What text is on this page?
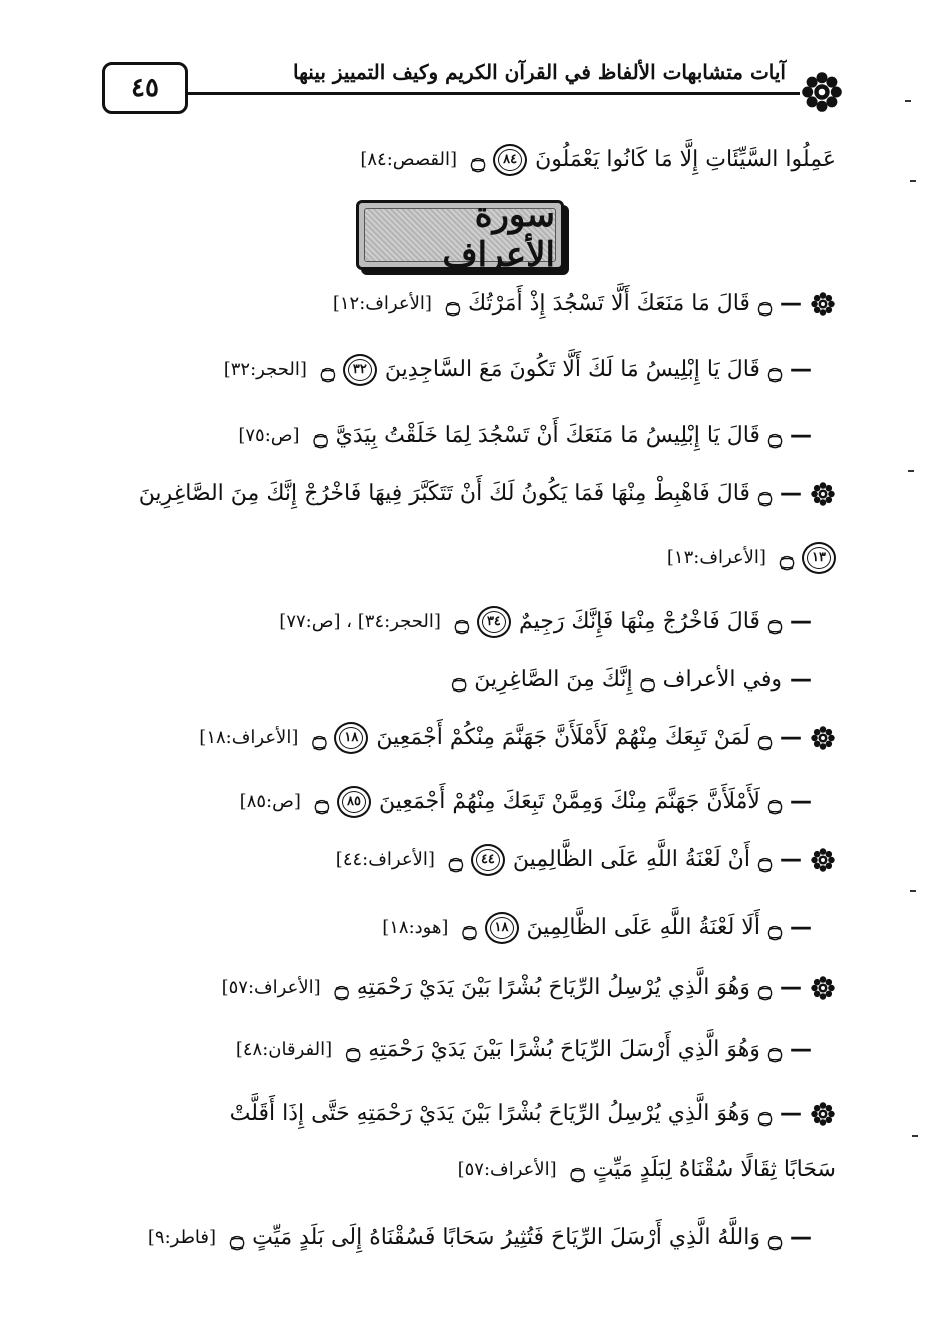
٤٥
آيات متشابهات الألفاظ في القرآن الكريم وكيف التمييز بينها
عَمِلُوا السَّيِّئَاتِ إِلَّا مَا كَانُوا يَعْمَلُونَ
٨٤
۝
[القصص:٨٤]
سورة الأعراف
—
۝
قَالَ مَا مَنَعَكَ أَلَّا تَسْجُدَ إِذْ أَمَرْتُكَ
۝
[الأعراف:١٢]
—
۝
قَالَ يَا إِبْلِيسُ مَا لَكَ أَلَّا تَكُونَ مَعَ السَّاجِدِينَ
٣٢
۝
[الحجر:٣٢]
—
۝
قَالَ يَا إِبْلِيسُ مَا مَنَعَكَ أَنْ تَسْجُدَ لِمَا خَلَقْتُ بِيَدَيَّ
۝
[ص:٧٥]
—
۝
قَالَ فَاهْبِطْ مِنْهَا فَمَا يَكُونُ لَكَ أَنْ تَتَكَبَّرَ فِيهَا فَاخْرُجْ إِنَّكَ مِنَ الصَّاغِرِينَ
١٣
۝
[الأعراف:١٣]
—
۝
قَالَ فَاخْرُجْ مِنْهَا فَإِنَّكَ رَجِيمٌ
٣٤
۝
[الحجر:٣٤] ، [ص:٧٧]
—
وفي الأعراف
۝
إِنَّكَ مِنَ الصَّاغِرِينَ
۝
—
۝
لَمَنْ تَبِعَكَ مِنْهُمْ لَأَمْلَأَنَّ جَهَنَّمَ مِنْكُمْ أَجْمَعِينَ
١٨
۝
[الأعراف:١٨]
—
۝
لَأَمْلَأَنَّ جَهَنَّمَ مِنْكَ وَمِمَّنْ تَبِعَكَ مِنْهُمْ أَجْمَعِينَ
٨٥
۝
[ص:٨٥]
—
۝
أَنْ لَعْنَةُ اللَّهِ عَلَى الظَّالِمِينَ
٤٤
۝
[الأعراف:٤٤]
—
۝
أَلَا لَعْنَةُ اللَّهِ عَلَى الظَّالِمِينَ
١٨
۝
[هود:١٨]
—
۝
وَهُوَ الَّذِي يُرْسِلُ الرِّيَاحَ بُشْرًا بَيْنَ يَدَيْ رَحْمَتِهِ
۝
[الأعراف:٥٧]
—
۝
وَهُوَ الَّذِي أَرْسَلَ الرِّيَاحَ بُشْرًا بَيْنَ يَدَيْ رَحْمَتِهِ
۝
[الفرقان:٤٨]
—
۝
وَهُوَ الَّذِي يُرْسِلُ الرِّيَاحَ بُشْرًا بَيْنَ يَدَيْ رَحْمَتِهِ حَتَّى إِذَا أَقَلَّتْ
سَحَابًا ثِقَالًا سُقْنَاهُ لِبَلَدٍ مَيِّتٍ
۝
[الأعراف:٥٧]
—
۝
وَاللَّهُ الَّذِي أَرْسَلَ الرِّيَاحَ فَتُثِيرُ سَحَابًا فَسُقْنَاهُ إِلَى بَلَدٍ مَيِّتٍ
۝
[فاطر:٩]
